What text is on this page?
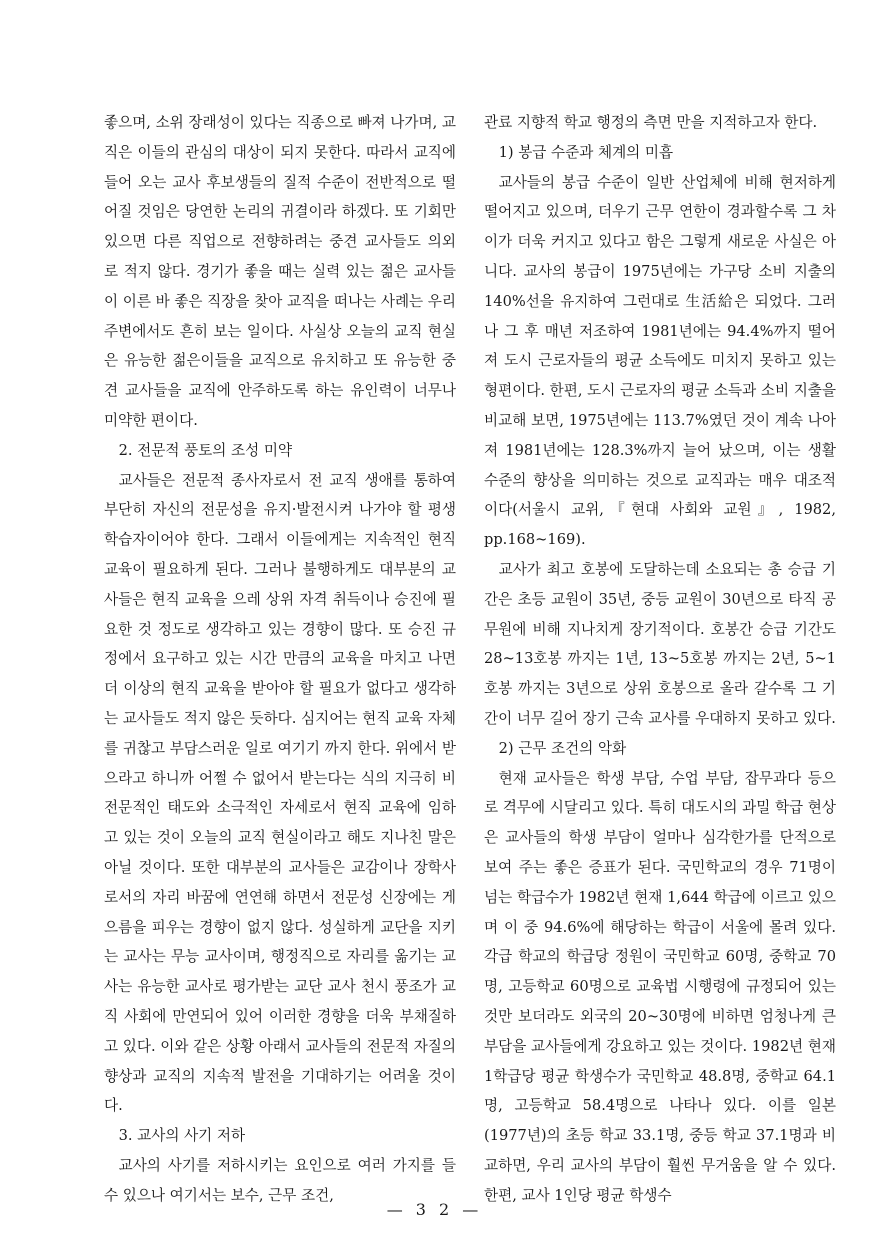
좋으며, 소위 장래성이 있다는 직종으로 빠져 나가며, 교직은 이들의 관심의 대상이 되지 못한다. 따라서 교직에 들어 오는 교사 후보생들의 질적 수준이 전반적으로 떨어질 것임은 당연한 논리의 귀결이라 하겠다. 또 기회만 있으면 다른 직업으로 전향하려는 중견 교사들도 의외로 적지 않다. 경기가 좋을 때는 실력 있는 젊은 교사들이 이른 바 좋은 직장을 찾아 교직을 떠나는 사례는 우리 주변에서도 흔히 보는 일이다. 사실상 오늘의 교직 현실은 유능한 젊은이들을 교직으로 유치하고 또 유능한 중견 교사들을 교직에 안주하도록 하는 유인력이 너무나 미약한 편이다.

2. 전문적 풍토의 조성 미약

교사들은 전문적 종사자로서 전 교직 생애를 통하여 부단히 자신의 전문성을 유지·발전시켜 나가야 할 평생 학습자이어야 한다. 그래서 이들에게는 지속적인 현직 교육이 필요하게 된다. 그러나 불행하게도 대부분의 교사들은 현직 교육을 으레 상위 자격 취득이나 승진에 필요한 것 정도로 생각하고 있는 경향이 많다. 또 승진 규정에서 요구하고 있는 시간 만큼의 교육을 마치고 나면 더 이상의 현직 교육을 받아야 할 필요가 없다고 생각하는 교사들도 적지 않은 듯하다. 심지어는 현직 교육 자체를 귀찮고 부담스러운 일로 여기기 까지 한다. 위에서 받으라고 하니까 어쩔 수 없어서 받는다는 식의 지극히 비전문적인 태도와 소극적인 자세로서 현직 교육에 임하고 있는 것이 오늘의 교직 현실이라고 해도 지나친 말은 아닐 것이다. 또한 대부분의 교사들은 교감이나 장학사로서의 자리 바꿈에 연연해 하면서 전문성 신장에는 게으름을 피우는 경향이 없지 않다. 성실하게 교단을 지키는 교사는 무능 교사이며, 행정직으로 자리를 옮기는 교사는 유능한 교사로 평가받는 교단 교사 천시 풍조가 교직 사회에 만연되어 있어 이러한 경향을 더욱 부채질하고 있다. 이와 같은 상황 아래서 교사들의 전문적 자질의 향상과 교직의 지속적 발전을 기대하기는 어려울 것이다.

3. 교사의 사기 저하

교사의 사기를 저하시키는 요인으로 여러 가지를 들 수 있으나 여기서는 보수, 근무 조건,

관료 지향적 학교 행정의 측면 만을 지적하고자 한다.

1) 봉급 수준과 체계의 미흡

교사들의 봉급 수준이 일반 산업체에 비해 현저하게 떨어지고 있으며, 더우기 근무 연한이 경과할수록 그 차이가 더욱 커지고 있다고 함은 그렇게 새로운 사실은 아니다. 교사의 봉급이 1975년에는 가구당 소비 지출의 140%선을 유지하여 그런대로 生活給은 되었다. 그러나 그 후 매년 저조하여 1981년에는 94.4%까지 떨어져 도시 근로자들의 평균 소득에도 미치지 못하고 있는 형편이다. 한편, 도시 근로자의 평균 소득과 소비 지출을 비교해 보면, 1975년에는 113.7%였던 것이 계속 나아져 1981년에는 128.3%까지 늘어 났으며, 이는 생활 수준의 향상을 의미하는 것으로 교직과는 매우 대조적이다(서울시 교위,『현대 사회와 교원』, 1982, pp.168~169).

교사가 최고 호봉에 도달하는데 소요되는 총 승급 기간은 초등 교원이 35년, 중등 교원이 30년으로 타직 공무원에 비해 지나치게 장기적이다. 호봉간 승급 기간도 28~13호봉 까지는 1년, 13~5호봉 까지는 2년, 5~1호봉 까지는 3년으로 상위 호봉으로 올라 갈수록 그 기간이 너무 길어 장기 근속 교사를 우대하지 못하고 있다.

2) 근무 조건의 악화

현재 교사들은 학생 부담, 수업 부담, 잡무과다 등으로 격무에 시달리고 있다. 특히 대도시의 과밀 학급 현상은 교사들의 학생 부담이 얼마나 심각한가를 단적으로 보여 주는 좋은 증표가 된다. 국민학교의 경우 71명이 넘는 학급수가 1982년 현재 1,644 학급에 이르고 있으며 이 중 94.6%에 해당하는 학급이 서울에 몰려 있다. 각급 학교의 학급당 정원이 국민학교 60명, 중학교 70명, 고등학교 60명으로 교육법 시행령에 규정되어 있는 것만 보더라도 외국의 20~30명에 비하면 엄청나게 큰 부담을 교사들에게 강요하고 있는 것이다. 1982년 현재 1학급당 평균 학생수가 국민학교 48.8명, 중학교 64.1명, 고등학교 58.4명으로 나타나 있다. 이를 일본(1977년)의 초등 학교 33.1명, 중등 학교 37.1명과 비교하면, 우리 교사의 부담이 훨씬 무거움을 알 수 있다. 한편, 교사 1인당 평균 학생수

— 3 2 —
